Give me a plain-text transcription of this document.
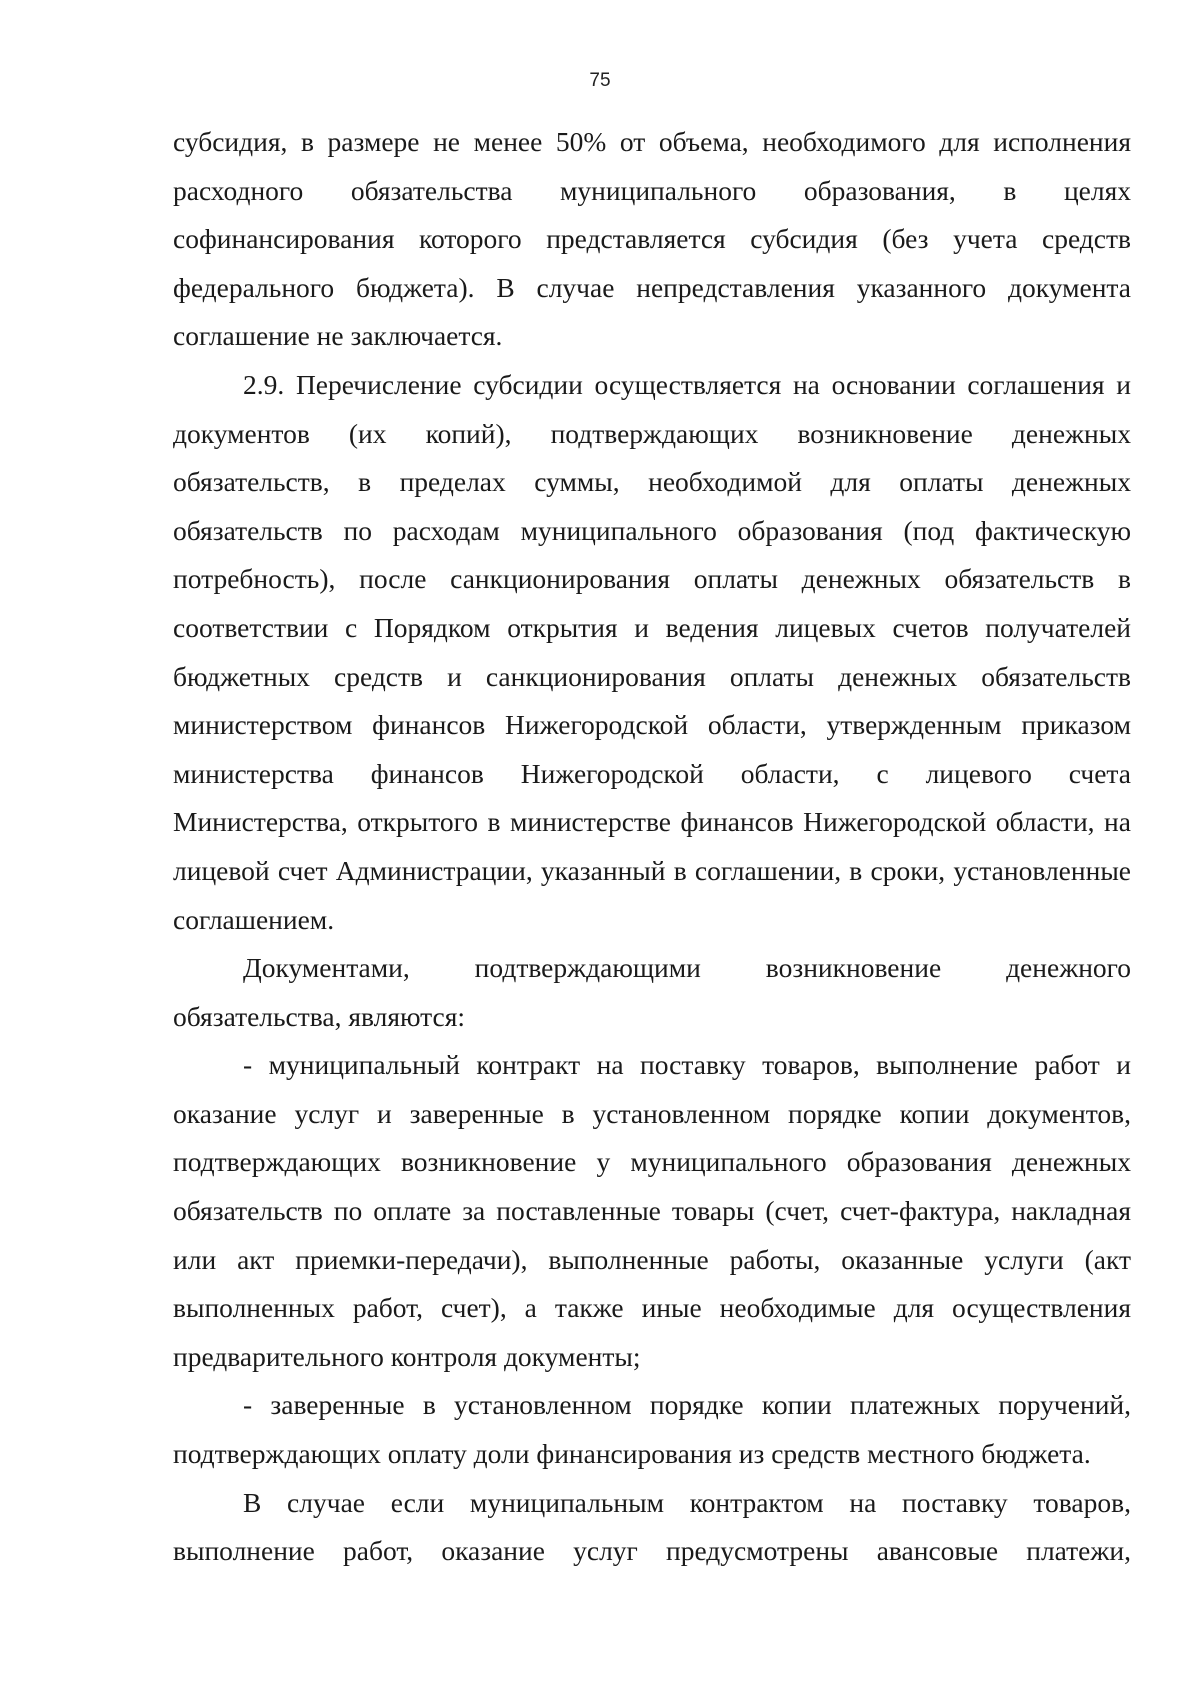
75

субсидия, в размере не менее 50% от объема, необходимого для исполнения расходного обязательства муниципального образования, в целях софинансирования которого представляется субсидия (без учета средств федерального бюджета). В случае непредставления указанного документа соглашение не заключается.

2.9. Перечисление субсидии осуществляется на основании соглашения и документов (их копий), подтверждающих возникновение денежных обязательств, в пределах суммы, необходимой для оплаты денежных обязательств по расходам муниципального образования (под фактическую потребность), после санкционирования оплаты денежных обязательств в соответствии с Порядком открытия и ведения лицевых счетов получателей бюджетных средств и санкционирования оплаты денежных обязательств министерством финансов Нижегородской области, утвержденным приказом министерства финансов Нижегородской области, с лицевого счета Министерства, открытого в министерстве финансов Нижегородской области, на лицевой счет Администрации, указанный в соглашении, в сроки, установленные соглашением.

Документами, подтверждающими возникновение денежного обязательства, являются:

- муниципальный контракт на поставку товаров, выполнение работ и оказание услуг и заверенные в установленном порядке копии документов, подтверждающих возникновение у муниципального образования денежных обязательств по оплате за поставленные товары (счет, счет-фактура, накладная или акт приемки-передачи), выполненные работы, оказанные услуги (акт выполненных работ, счет), а также иные необходимые для осуществления предварительного контроля документы;

- заверенные в установленном порядке копии платежных поручений, подтверждающих оплату доли финансирования из средств местного бюджета.

В случае если муниципальным контрактом на поставку товаров, выполнение работ, оказание услуг предусмотрены авансовые платежи,
